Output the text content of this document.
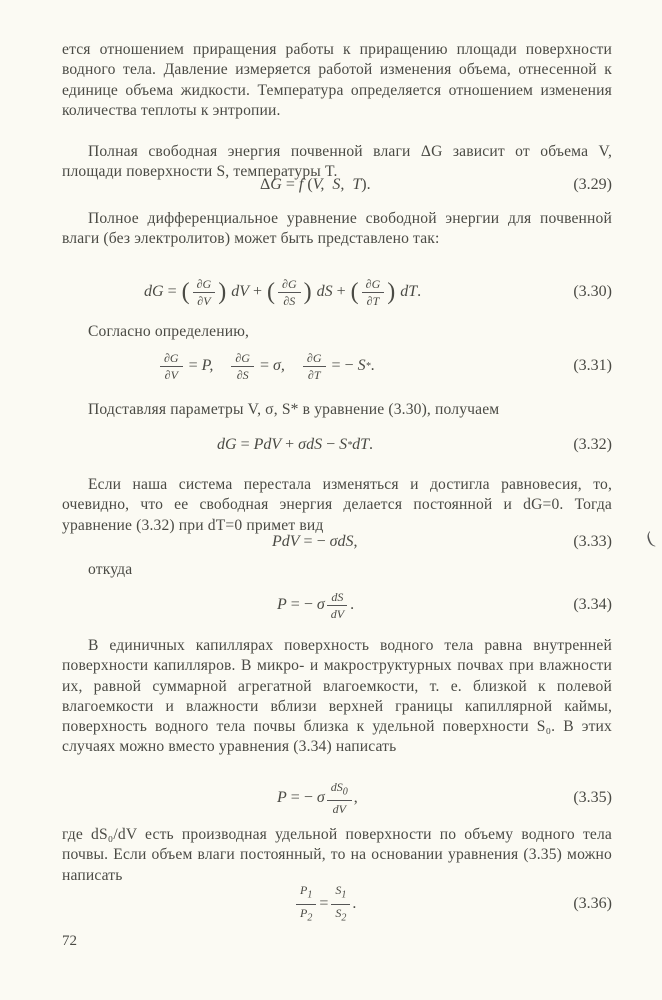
ется отношением приращения работы к приращению площади поверхности водного тела. Давление измеряется работой изменения объема, отнесенной к единице объема жидкости. Температура определяется отношением изменения количества теплоты к энтропии.
Полная свободная энергия почвенной влаги ΔG зависит от объема V, площади поверхности S, температуры T.
Δ G = f ( V,  S,  T ).	(3.29)
Полное дифференциальное уравнение свободной энергии для почвенной влаги (без электролитов) может быть представлено так:
dG = ( $\frac{\partial G}{\partial V}$ ) dV + ( $\frac{\partial G}{\partial S}$ ) dS + ( $\frac{\partial G}{\partial T}$ ) dT .	(3.30)
Согласно определению,
$\frac{\partial G}{\partial V} = P$, $\frac{\partial G}{\partial S} = \sigma$, $\frac{\partial G}{\partial T}$ = − S * .	(3.31)
Подставляя параметры V, σ, S* в уравнение (3.30), получаем
dG = PdV + σdS − S * dT .	(3.32)
Если наша система перестала изменяться и достигла равновесия, то, очевидно, что ее свободная энергия делается постоянной и dG=0. Тогда уравнение (3.32) при dT=0 примет вид
PdV = − σdS ,	(3.33) (
откуда
P = − σ $\frac{dS}{dV}$ .	(3.34)
В единичных капиллярах поверхность водного тела равна внутренней поверхности капилляров. В микро- и макроструктурных почвах при влажности их, равной суммарной агрегатной влагоемкости, т. е. близкой к полевой влагоемкости и влажности вблизи верхней границы капиллярной каймы, поверхность водного тела почвы близка к удельной поверхности S₀. В этих случаях можно вместо уравнения (3.34) написать
P = − σ $\frac{dS_0}{dV}$ ,	(3.35)
где dS₀/dV есть производная удельной поверхности по объему водного тела почвы. Если объем влаги постоянный, то на основании уравнения (3.35) можно написать
$\frac{P_1}{P_2} = \frac{S_1}{S_2}$ .	(3.36)
72
